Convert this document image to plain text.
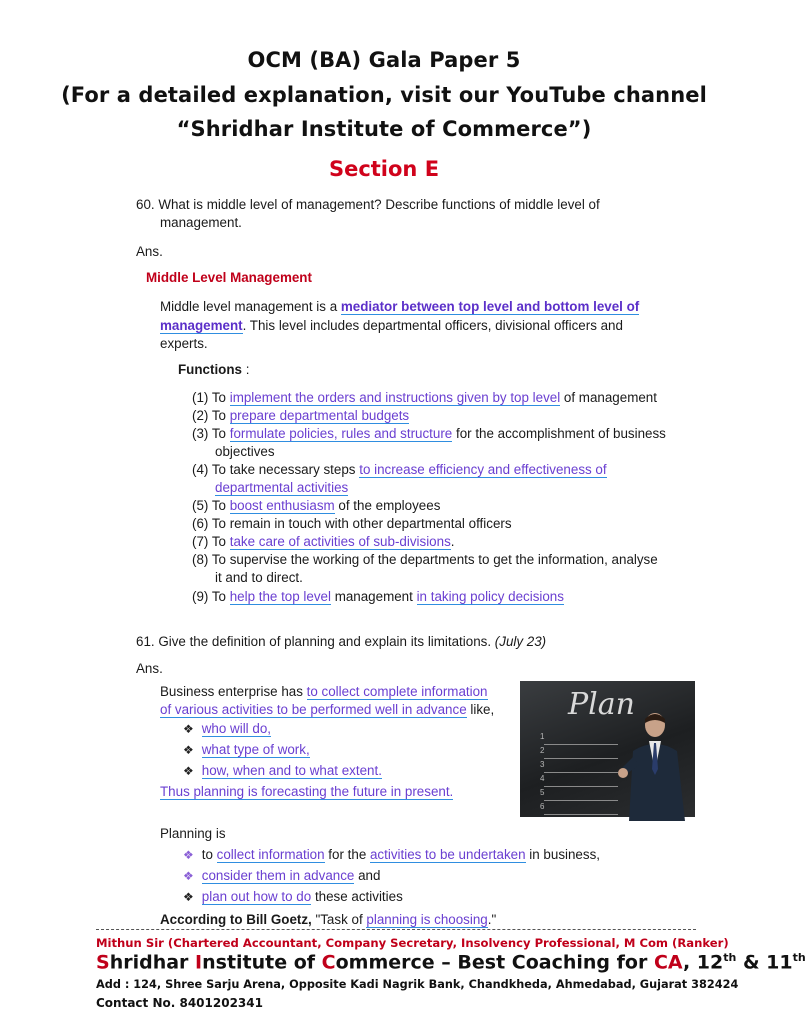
OCM (BA) Gala Paper 5
(For a detailed explanation, visit our YouTube channel
“Shridhar Institute of Commerce”)
Section E
60. What is middle level of management? Describe functions of middle level of
management.
Ans.
Middle Level Management
Middle level management is a mediator between top level and bottom level of
management. This level includes departmental officers, divisional officers and
experts.
Functions :
(1) To implement the orders and instructions given by top level of management
(2) To prepare departmental budgets
(3) To formulate policies, rules and structure for the accomplishment of business
objectives
(4) To take necessary steps to increase efficiency and effectiveness of
departmental activities
(5) To boost enthusiasm of the employees
(6) To remain in touch with other departmental officers
(7) To take care of activities of sub-divisions.
(8) To supervise the working of the departments to get the information, analyse
it and to direct.
(9) To help the top level management in taking policy decisions
61. Give the definition of planning and explain its limitations. (July 23)
Ans.
Business enterprise has to collect complete information
of various activities to be performed well in advance like,
❖ who will do,
❖ what type of work,
❖ how, when and to what extent.
Thus planning is forecasting the future in present.
Plan
1
2
3
4
5
6
Planning is
❖ to collect information for the activities to be undertaken in business,
❖ consider them in advance and
❖ plan out how to do these activities
According to Bill Goetz, "Task of planning is choosing."
Mithun Sir (Chartered Accountant, Company Secretary, Insolvency Professional, M Com (Ranker)
Shridhar Institute of Commerce – Best Coaching for CA, 12th & 11th
Add : 124, Shree Sarju Arena, Opposite Kadi Nagrik Bank, Chandkheda, Ahmedabad, Gujarat 382424
Contact No. 8401202341
